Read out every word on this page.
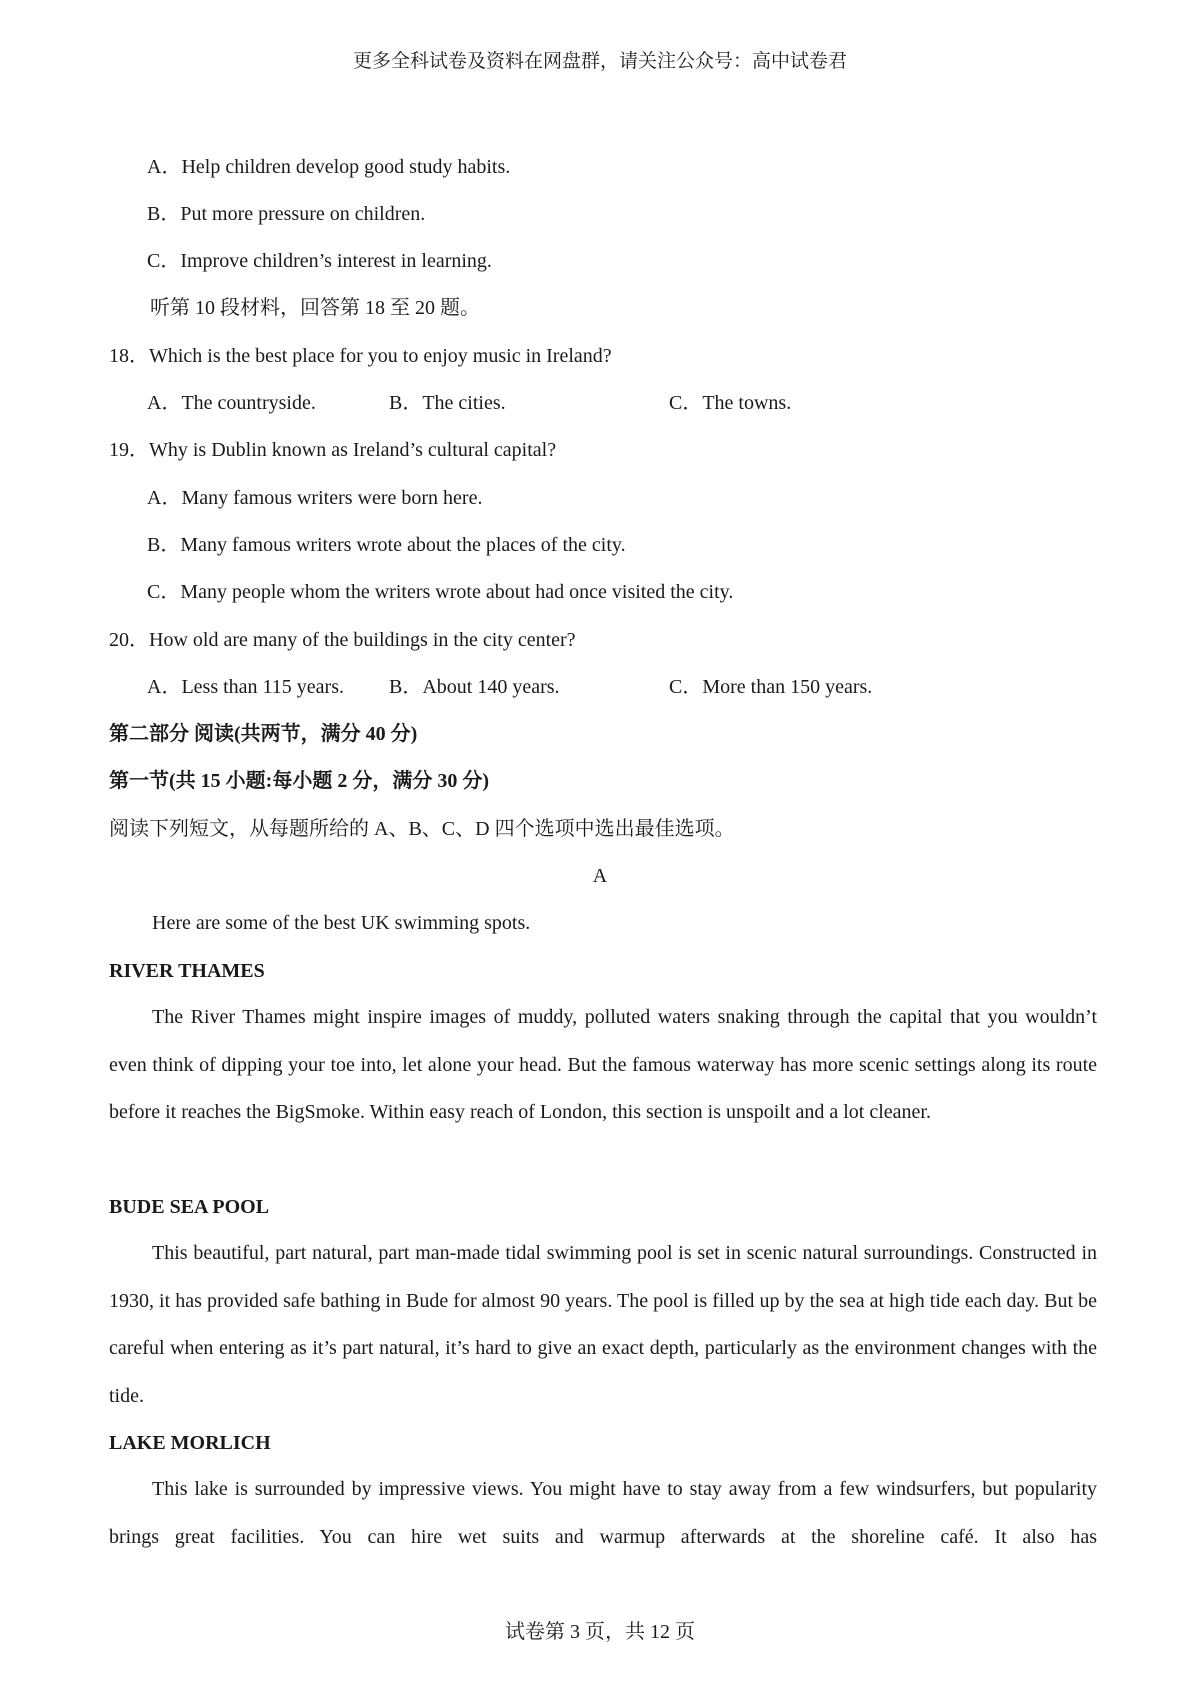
更多全科试卷及资料在网盘群，请关注公众号：高中试卷君
A．Help children develop good study habits.
B．Put more pressure on children.
C．Improve children’s interest in learning.
听第 10 段材料，回答第 18 至 20 题。
18．Which is the best place for you to enjoy music in Ireland?
A．The countryside.	B．The cities.	C．The towns.
19．Why is Dublin known as Ireland’s cultural capital?
A．Many famous writers were born here.
B．Many famous writers wrote about the places of the city.
C．Many people whom the writers wrote about had once visited the city.
20．How old are many of the buildings in the city center?
A．Less than 115 years. B．About 140 years.	C．More than 150 years.
第二部分 阅读(共两节，满分 40 分)
第一节(共 15 小题:每小题 2 分，满分 30 分)
阅读下列短文，从每题所给的 A、B、C、D 四个选项中选出最佳选项。
A
Here are some of the best UK swimming spots.
RIVER THAMES
The River Thames might inspire images of muddy, polluted waters snaking through the capital that you wouldn’t even think of dipping your toe into, let alone your head. But the famous waterway has more scenic settings along its route before it reaches the BigSmoke. Within easy reach of London, this section is unspoilt and a lot cleaner.
BUDE SEA POOL
This beautiful, part natural, part man-made tidal swimming pool is set in scenic natural surroundings. Constructed in 1930, it has provided safe bathing in Bude for almost 90 years. The pool is filled up by the sea at high tide each day. But be careful when entering as it’s part natural, it’s hard to give an exact depth, particularly as the environment changes with the tide.
LAKE MORLICH
This lake is surrounded by impressive views. You might have to stay away from a few windsurfers, but popularity brings great facilities. You can hire wet suits and warmup afterwards at the shoreline café. It also has
试卷第 3 页，共 12 页
